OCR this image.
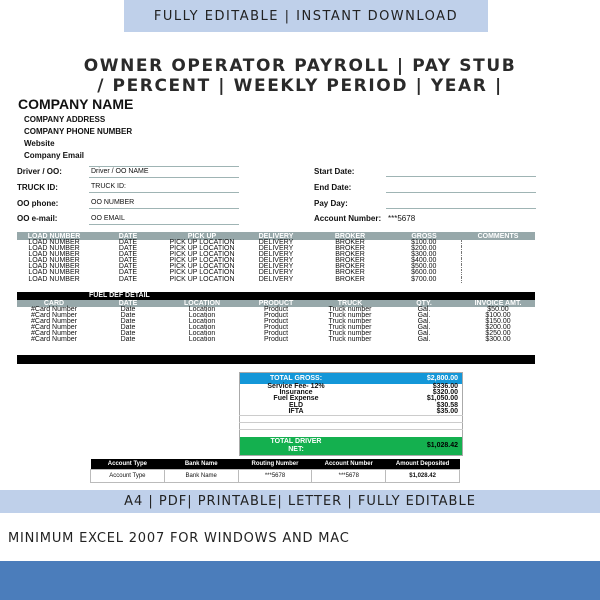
FULLY EDITABLE | INSTANT DOWNLOAD
OWNER OPERATOR PAYROLL | PAY STUB
/ PERCENT | WEEKLY PERIOD | YEAR |
COMPANY NAME
COMPANY ADDRESS
COMPANY PHONE NUMBER
Website
Company Email
Driver / OO:	Driver / OO NAME
TRUCK ID:	TRUCK ID:
OO phone:	OO NUMBER
OO e-mail:	OO EMAIL
Start Date:
End Date:
Pay Day:
Account Number: ***5678
LOAD NUMBER	DATE	PICK UP	DELIVERY	BROKER	GROSS	COMMENTS
LOAD NUMBER	DATE	PICK UP LOCATION	DELIVERY	BROKER	$100.00	
LOAD NUMBER	DATE	PICK UP LOCATION	DELIVERY	BROKER	$200.00	
LOAD NUMBER	DATE	PICK UP LOCATION	DELIVERY	BROKER	$300.00	
LOAD NUMBER	DATE	PICK UP LOCATION	DELIVERY	BROKER	$400.00	
LOAD NUMBER	DATE	PICK UP LOCATION	DELIVERY	BROKER	$500.00	
LOAD NUMBER	DATE	PICK UP LOCATION	DELIVERY	BROKER	$600.00	
LOAD NUMBER	DATE	PICK UP LOCATION	DELIVERY	BROKER	$700.00	
FUEL DEF DETAIL
CARD	DATE	LOCATION	PRODUCT	TRUCK	QTY.	INVOICE AMT.
#Card Number	Date	Location	Product	Truck number	Gal.	$50.00
#Card Number	Date	Location	Product	Truck number	Gal.	$100.00
#Card Number	Date	Location	Product	Truck number	Gal.	$150.00
#Card Number	Date	Location	Product	Truck number	Gal.	$200.00
#Card Number	Date	Location	Product	Truck number	Gal.	$250.00
#Card Number	Date	Location	Product	Truck number	Gal.	$300.00
TOTAL GROSS:	$2,800.00
Service Fee- 12%	$336.00
Insurance	$320.00
Fuel Expense	$1,050.00
ELD	$30.58
IFTA	$35.00

TOTAL DRIVER
NET:	$1,028.42
Account Type	Bank Name	Routing Number	Account Number	Amount Deposited
Account Type	Bank Name	***5678	***5678	$1,028.42
A4 | PDF| PRINTABLE| LETTER | FULLY EDITABLE
MINIMUM EXCEL 2007 FOR WINDOWS AND MAC
